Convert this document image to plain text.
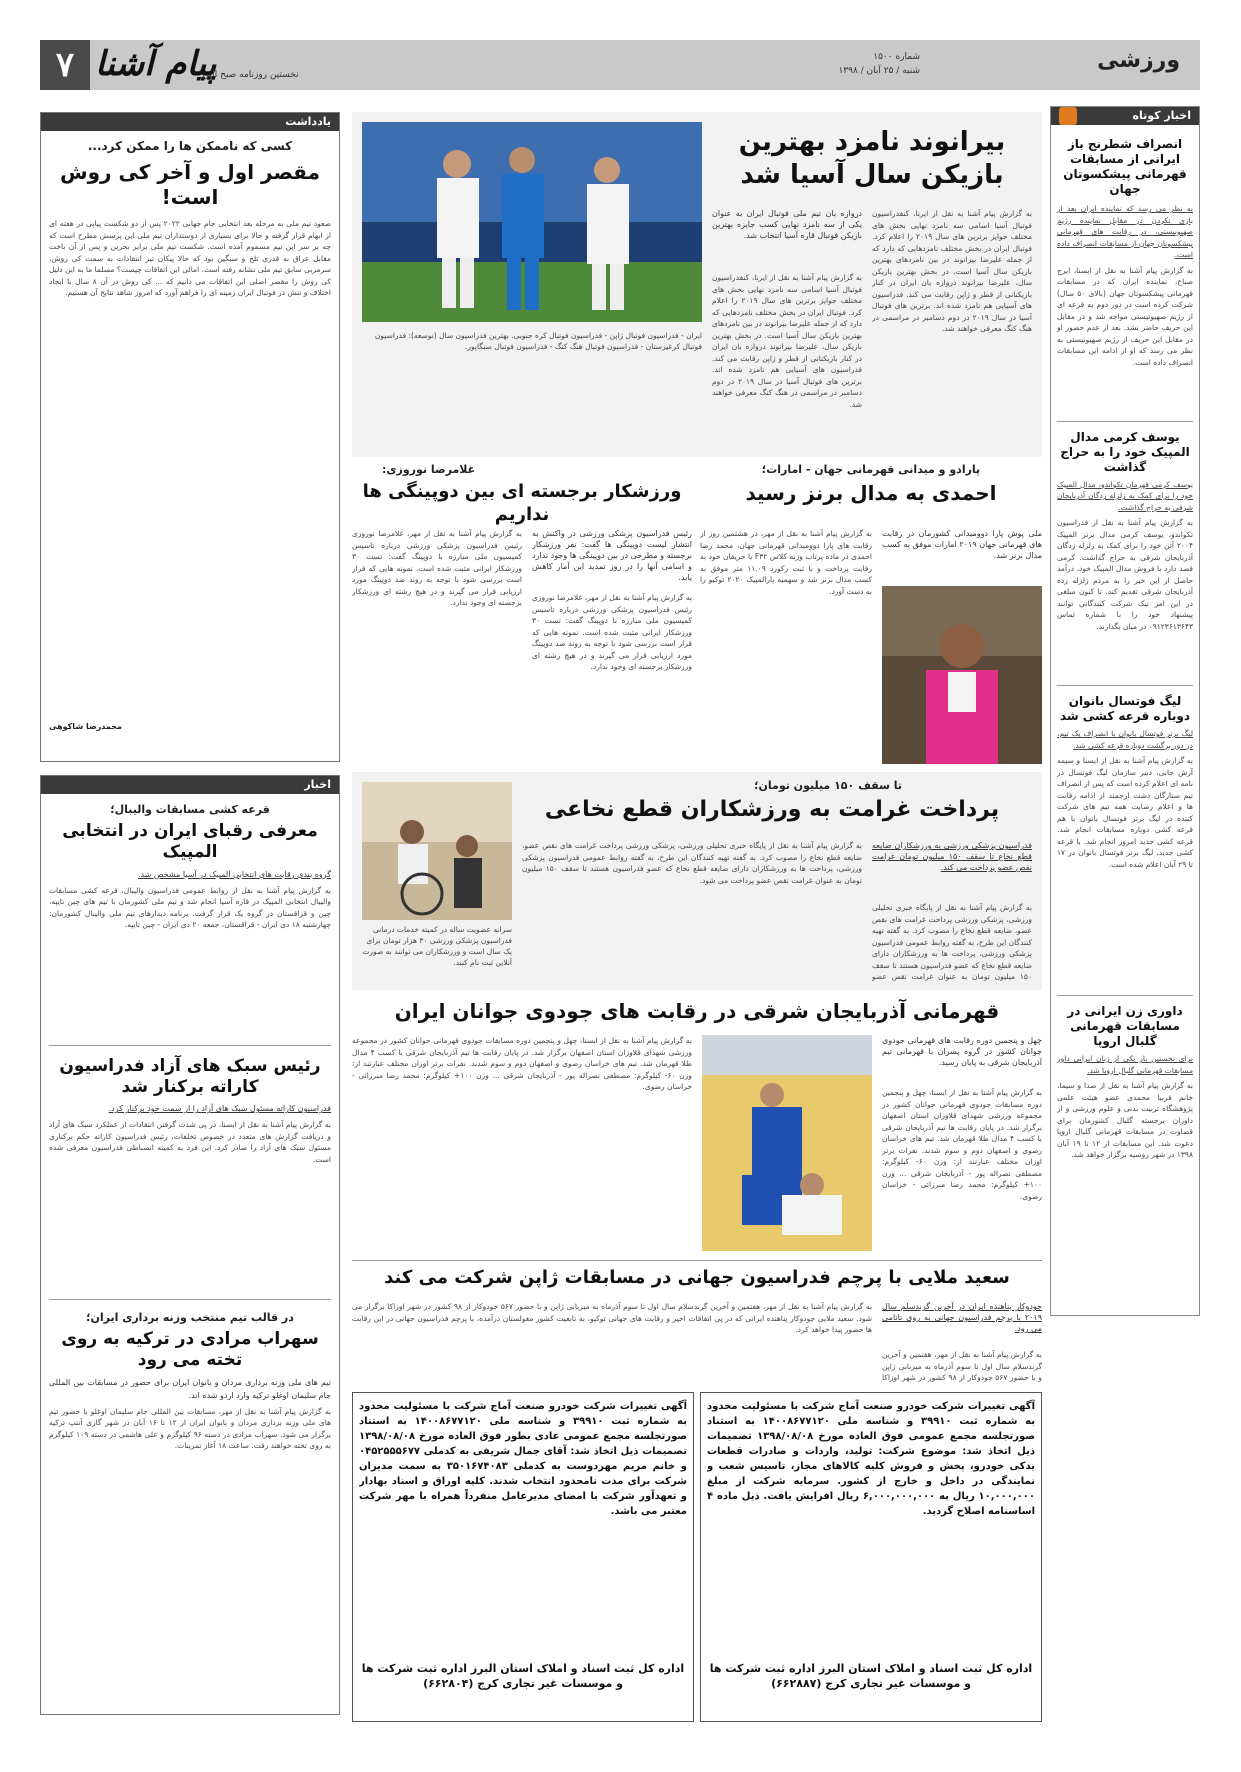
ورزشی
شماره ۱۵۰۰
شنبه / ۲۵ آبان / ۱۳۹۸
پیام آشنا
نخستین روزنامه صبح البرز
۷
اخبار کوتاه
انصراف شطرنج باز ایرانی از مسابقات قهرمانی پیشکسوتان جهان
به نظر می رسد که نماینده ایران بعد از بازی نکردن در مقابل نماینده رژیم صهیونیستی، در رقابت های قهرمانی پیشکسوتان جهان از مسابقات انصراف داده است.
به گزارش پیام آشنا به نقل از ایسنا، ایرج صباح، نماینده ایران که در مسابقات قهرمانی پیشکسوتان جهان (بالای ۵۰ سال) شرکت کرده است در دور دوم به قرعه ای از رژیم صهیونیستی مواجه شد و در مقابل این حریف حاضر نشد. بعد از عدم حضور او در مقابل این حریف از رژیم صهیونیستی به نظر می رسد که او از ادامه این مسابقات انصراف داده است.
یوسف کرمی مدال المپیک خود را به حراج گذاشت
یوسف کرمی قهرمان تکواندو، مدال المپیک خود را برای کمک به زلزله زدگان آذربایجان شرقی به حراج گذاشت.
به گزارش پیام آشنا به نقل از فدراسیون تکواندو، یوسف کرمی مدال برنز المپیک ۲۰۰۴ آتن خود را برای کمک به زلزله زدگان آذربایجان شرقی به حراج گذاشت. کرمی قصد دارد با فروش مدال المپیک خود، درآمد حاصل از این خیر را به مردم زلزله زده آذربایجان شرقی تقدیم کند. تا کنون مبلغی در این امر نیک شرکت کنندگانی توانند پیشنهاد خود را با شماره تماس ۰۹۱۲۳۶۱۳۶۴۳ در میان بگذارند.
لیگ فوتسال بانوان دوباره قرعه کشی شد
لیگ برتر فوتسال بانوان با انصراف یک تیم، در دور برگشت دوباره قرعه کشی شد.
به گزارش پیام آشنا به نقل از ایسنا و سیمه آرش جانی، دبیر سازمان لیگ فوتسال در نامه ای اعلام کرده است که پس از انصراف تیم ستارگان دشت ارجمند از ادامه رقابت ها و اعلام رضایت همه تیم های شرکت کننده در لیگ برتر فوتسال بانوان با هم قرعه کشی دوباره مسابقات انجام شد. قرعه کشی جدید امروز انجام شد. با قرعه کشی جدید، لیگ برتر فوتسال بانوان در ۱۷ تا ۲۹ آبان اعلام شده است.
داوری زن ایرانی در مسابقات قهرمانی گلبال اروپا
برای نخستین بار یکی از زنان ایرانی داور مسابقات قهرمانی گلبال اروپا شد.
به گزارش پیام آشنا به نقل از صدا و سیما، خانم فریبا محمدی عضو هیئت علمی پژوهشگاه تربیت بدنی و علوم ورزشی و از داوران برجسته گلبال کشورمان برای قضاوت در مسابقات قهرمانی گلبال اروپا دعوت شد. این مسابقات از ۱۲ تا ۱۹ آبان ۱۳۹۸ در شهر روسیه برگزار خواهد شد.
بیرانوند نامزد بهترین بازیکن سال آسیا شد
دروازه بان تیم ملی فوتبال ایران به عنوان یکی از سه نامزد نهایی کسب جایزه بهترین بازیکن فوتبال قاره آسیا انتخاب شد.
به گزارش پیام آشنا به نقل از ایرنا، کنفدراسیون فوتبال آسیا اسامی سه نامزد نهایی بخش های مختلف جوایز برترین های سال ۲۰۱۹ را اعلام کرد. فوتبال ایران در بخش مختلف نامزدهایی که دارد که از جمله علیرضا بیرانوند در بین نامزدهای بهترین بازیکن سال آسیا است. در بخش بهترین بازیکن سال، علیرضا بیرانوند دروازه بان ایران در کنار بازیکنانی از قطر و ژاپن رقابت می کند. فدراسیون های آسیایی هم نامزد شده اند. برترین های فوتبال آسیا در سال ۲۰۱۹ در دوم دسامبر در مراسمی در هنگ کنگ معرفی خواهند شد.
به گزارش پیام آشنا به نقل از ایرنا، کنفدراسیون فوتبال آسیا اسامی سه نامزد نهایی بخش های مختلف جوایز برترین های سال ۲۰۱۹ را اعلام کرد. فوتبال ایران در بخش مختلف نامزدهایی که دارد که از جمله علیرضا بیرانوند در بین نامزدهای بهترین بازیکن سال آسیا است. در بخش بهترین بازیکن سال، علیرضا بیرانوند دروازه بان ایران در کنار بازیکنانی از قطر و ژاپن رقابت می کند. فدراسیون های آسیایی هم نامزد شده اند. برترین های فوتبال آسیا در سال ۲۰۱۹ در دوم دسامبر در مراسمی در هنگ کنگ معرفی خواهند شد.
ایران - فدراسیون فوتبال ژاپن - فدراسیون فوتبال کره جنوبی. بهترین فدراسیون سال (توسعه): فدراسیون فوتبال کرغیزستان - فدراسیون فوتبال هنگ کنگ - فدراسیون فوتبال سنگاپور.
پارادو و میدانی قهرمانی جهان - امارات؛
احمدی به مدال برنز رسید
ملی پوش پارا دوومیدانی کشورمان در رقابت های قهرمانی جهان ۲۰۱۹ امارات موفق به کسب مدال برنز شد.
به گزارش پیام آشنا به نقل از مهر، در هشتمین روز از رقابت های پارا دوومیدانی قهرمانی جهان، محمد رضا احمدی در ماده پرتاب وزنه کلاس F۳۲ با حریفان خود به رقابت پرداخت و با ثبت رکورد ۱۱.۰۹ متر موفق به کسب مدال برنز شد و سهمیه پارالمپیک ۲۰۲۰ توکیو را به دست آورد.
غلامرضا نوروزی:
ورزشکار برجسته ای بین دوپینگی ها نداریم
رئیس فدراسیون پزشکی ورزشی در واکنش به انتشار لیست دوپینگی ها گفت: نفر ورزشکار برجسته و مطرحی در بین دوپینگی ها وجود ندارد و اسامی آنها را در روز تمدید این آمار کاهش یابد.
به گزارش پیام آشنا به نقل از مهر، غلامرضا نوروزی رئیس فدراسیون پزشکی ورزشی درباره تاسیس کمیسیون ملی مبارزه با دوپینگ گفت: تست ۳۰ ورزشکار ایرانی مثبت شده است. نمونه هایی که قرار است بررسی شود با توجه به روند ضد دوپینگ مورد ارزیابی قرار می گیرند و در هیچ رشته ای ورزشکار برجسته ای وجود ندارد.
به گزارش پیام آشنا به نقل از مهر، غلامرضا نوروزی رئیس فدراسیون پزشکی ورزشی درباره تاسیس کمیسیون ملی مبارزه با دوپینگ گفت: تست ۳۰ ورزشکار ایرانی مثبت شده است. نمونه هایی که قرار است بررسی شود با توجه به روند ضد دوپینگ مورد ارزیابی قرار می گیرند و در هیچ رشته ای ورزشکار برجسته ای وجود ندارد.
تا سقف ۱۵۰ میلیون تومان؛
پرداخت غرامت به ورزشکاران قطع نخاعی
سرانه عضویت ساله در کمیته خدمات درمانی فدراسیون پزشکی ورزشی ۳۰ هزار تومان برای یک سال است و ورزشکاران می توانند به صورت آنلاین ثبت نام کنند.
فدراسیون پزشکی ورزشی به ورزشکاران ضایعه قطع نخاع تا سقف ۱۵۰ میلیون تومان غرامت نقص عضو پرداخت می کند.
به گزارش پیام آشنا به نقل از پایگاه خبری تحلیلی ورزشی، پزشکی ورزشی پرداخت غرامت های نقص عضو، ضایعه قطع نخاع را مصوب کرد. به گفته تهیه کنندگان این طرح، به گفته روابط عمومی فدراسیون پزشکی ورزشی، پرداخت ها به ورزشکاران دارای ضایعه قطع نخاع که عضو فدراسیون هستند تا سقف ۱۵۰ میلیون تومان به عنوان غرامت نقص عضو
به گزارش پیام آشنا به نقل از پایگاه خبری تحلیلی ورزشی، پزشکی ورزشی پرداخت غرامت های نقص عضو، ضایعه قطع نخاع را مصوب کرد. به گفته تهیه کنندگان این طرح، به گفته روابط عمومی فدراسیون پزشکی ورزشی، پرداخت ها به ورزشکاران دارای ضایعه قطع نخاع که عضو فدراسیون هستند تا سقف ۱۵۰ میلیون تومان به عنوان غرامت نقص عضو پرداخت می شود.
قهرمانی آذربایجان شرقی در رقابت های جودوی جوانان ایران
چهل و پنجمین دوره رقابت های قهرمانی جودوی جوانان کشور در گروه پسران با قهرمانی تیم آذربایجان شرقی به پایان رسید.
به گزارش پیام آشنا به نقل از ایسنا، چهل و پنجمین دوره مسابقات جودوی قهرمانی جوانان کشور در مجموعه ورزشی شهدای قلاوزان استان اصفهان برگزار شد. در پایان رقابت ها تیم آذربایجان شرقی با کسب ۴ مدال طلا قهرمان شد. تیم های خراسان رضوی و اصفهان دوم و سوم شدند. نفرات برتر اوزان مختلف عبارتند از: وزن ۶۰- کیلوگرم: مصطفی نصراله پور - آذربایجان شرقی ... وزن ۱۰۰+ کیلوگرم: محمد رضا مبرزائی - خراسان رضوی.
به گزارش پیام آشنا به نقل از ایسنا، چهل و پنجمین دوره مسابقات جودوی قهرمانی جوانان کشور در مجموعه ورزشی شهدای قلاوزان استان اصفهان برگزار شد. در پایان رقابت ها تیم آذربایجان شرقی با کسب ۴ مدال طلا قهرمان شد. تیم های خراسان رضوی و اصفهان دوم و سوم شدند. نفرات برتر اوزان مختلف عبارتند از: وزن ۶۰- کیلوگرم: مصطفی نصراله پور - آذربایجان شرقی ... وزن ۱۰۰+ کیلوگرم: محمد رضا مبرزائی - خراسان رضوی.
سعید ملایی با پرچم فدراسیون جهانی در مسابقات ژاپن شرکت می کند
جودوکار پناهنده ایران در آخرین گرندسلم سال ۲۰۱۹ با پرچم فدراسیون جهانی به روی تاتامی می رود.
به گزارش پیام آشنا به نقل از مهر، هفتمین و آخرین گرندسلام سال اول تا سوم آذرماه به میزبانی ژاپن و با حضور ۵۶۷ جودوکار از ۹۸ کشور در شهر اوزاکا
به گزارش پیام آشنا به نقل از مهر، هفتمین و آخرین گرندسلام سال اول تا سوم آذرماه به میزبانی ژاپن و با حضور ۵۶۷ جودوکار از ۹۸ کشور در شهر اوزاکا برگزار می شود. سعید ملایی جودوکار پناهنده ایرانی که در پی اتفاقات اخیر و رقابت های جهانی توکیو، به تابعیت کشور مغولستان درآمده، با پرچم فدراسیون جهانی در این رقابت ها حضور پیدا خواهد کرد.
آگهی تغییرات شرکت خودرو صنعت آماج شرکت با مسئولیت محدود به شماره ثبت ۳۹۹۱۰ و شناسه ملی ۱۴۰۰۸۶۷۷۱۲۰ به استناد صورتجلسه مجمع عمومی فوق العاده مورخ ۱۳۹۸/۰۸/۰۸ تصمیمات ذیل اتخاذ شد: موضوع شرکت: تولید، واردات و صادرات قطعات یدکی خودرو، پخش و فروش کلیه کالاهای مجاز، تاسیس شعب و نمایندگی در داخل و خارج از کشور. سرمایه شرکت از مبلغ ۱۰,۰۰۰,۰۰۰ ریال به ۶,۰۰۰,۰۰۰,۰۰۰ ریال افزایش یافت. ذیل ماده ۴ اساسنامه اصلاح گردید.
اداره کل ثبت اسناد و املاک استان البرز اداره ثبت شرکت ها و موسسات غیر تجاری کرج (۶۶۲۸۸۷)
آگهی تغییرات شرکت خودرو صنعت آماج شرکت با مسئولیت محدود به شماره ثبت ۳۹۹۱۰ و شناسه ملی ۱۴۰۰۸۶۷۷۱۲۰ به استناد صورتجلسه مجمع عمومی عادی بطور فوق العاده مورخ ۱۳۹۸/۰۸/۰۸ تصمیمات ذیل اتخاذ شد: آقای جمال شریفی به کدملی ۰۴۵۲۵۵۵۶۷۷ و خانم مریم مهردوست به کدملی ۳۵۰۱۶۷۴۰۸۳ به سمت مدیران شرکت برای مدت نامحدود انتخاب شدند. کلیه اوراق و اسناد بهادار و تعهدآور شرکت با امضای مدیرعامل منفرداً همراه با مهر شرکت معتبر می باشد.
اداره کل ثبت اسناد و املاک استان البرز اداره ثبت شرکت ها و موسسات غیر تجاری کرج (۶۶۲۸۰۴)
یادداشت
کسی که ناممکن ها را ممکن کرد...
مقصر اول و آخر کی روش است!
صعود تیم ملی به مرحله بعد انتخابی جام جهانی ۲۰۲۲ پس از دو شکست پیاپی در هفته ای از ابهام قرار گرفته و حالا برای بسیاری از دوستداران تیم ملی این پرسش مطرح است که چه بر سر این تیم مسموم آمده است. شکست تیم ملی برابر بحرین و پس از آن باخت مقابل عراق به قدری تلخ و سنگین بود که حالا پیکان تیز انتقادات به سمت کی روش، سرمربی سابق تیم ملی نشانه رفته است. امالی این اتفاقات چیست؟ مسلما ما به این دلیل کی روش را مقصر اصلی این اتفاقات می دانیم که ... کی روش در آن ۸ سال با ایجاد اختلاف و تنش در فوتبال ایران زمینه ای را فراهم آورد که امروز شاهد نتایج آن هستیم.
محمدرضا شاکوهی
اخبار
قرعه کشی مسابقات والیبال؛
معرفی رقبای ایران در انتخابی المپیک
گروه بندی رقابت های انتخابی المپیک در آسیا مشخص شد.
به گزارش پیام آشنا به نقل از روابط عمومی فدراسیون والیبال، قرعه کشی مسابقات والیبال انتخابی المپیک در قاره آسیا انجام شد و تیم ملی کشورمان با تیم های چین تایپه، چین و قزاقستان در گروه یک قرار گرفت. برنامه دیدارهای تیم ملی والیبال کشورمان: چهارشنبه ۱۸ دی ایران - قزاقستان، جمعه ۲۰ دی ایران - چین تایپه.
رئیس سبک های آزاد فدراسیون کاراته برکنار شد
فدراسیون کاراته مسئول سبک های آزاد را از سمت خود برکنار کرد.
به گزارش پیام آشنا به نقل از ایسنا، در پی شدت گرفتن انتقادات از عملکرد سبک های آزاد و دریافت گزارش های متعدد در خصوص تخلفات، رئیس فدراسیون کاراته حکم برکناری مسئول سبک های آزاد را صادر کرد. این فرد به کمیته انضباطی فدراسیون معرفی شده است.
در قالب تیم منتخب وزنه برداری ایران؛
سهراب مرادی در ترکیه به روی تخته می رود
تیم های ملی وزنه برداری مردان و بانوان ایران برای حضور در مسابقات بین المللی جام سلیمان اوغلو ترکیه وارد اردو شده اند.
به گزارش پیام آشنا به نقل از مهر، مسابقات بین المللی جام سلیمان اوغلو با حضور تیم های ملی وزنه برداری مردان و بانوان ایران از ۱۲ تا ۱۶ آبان در شهر گازی آنتپ ترکیه برگزار می شود. سهراب مرادی در دسته ۹۶ کیلوگرم و علی هاشمی در دسته ۱۰۹ کیلوگرم به روی تخته خواهند رفت. ساعت ۱۸ آغاز تمرینات.
